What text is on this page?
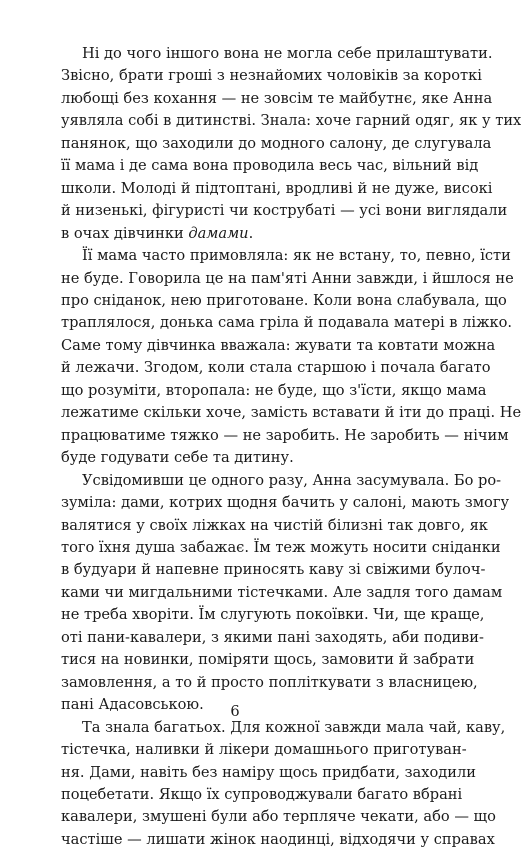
Ні до чого іншого вона не могла себе прилаштувати.
Звісно, брати гроші з незнайомих чоловіків за короткі
любощі без кохання — не зовсім те майбутнє, яке Анна
уявляла собі в дитинстві. Знала: хоче гарний одяг, як у тих
панянок, що заходили до модного салону, де слугувала
її мама і де сама вона проводила весь час, вільний від
школи. Молоді й підтоптані, вродливі й не дуже, високі
й низенькі, фігуристі чи кострубаті — усі вони виглядали
в очах дівчинки дамами.
Її мама часто примовляла: як не встану, то, певно, їсти
не буде. Говорила це на пам'яті Анни завжди, і йшлося не
про сніданок, нею приготоване. Коли вона слабувала, що
траплялося, донька сама гріла й подавала матері в ліжко.
Саме тому дівчинка вважала: жувати та ковтати можна
й лежачи. Згодом, коли стала старшою і почала багато
що розуміти, втоpопала: не буде, що з'їсти, якщо мама
лежатиме скільки хоче, замість вставати й іти до праці. Не
працюватиме тяжко — не заробить. Не заробить — нічим
буде годувати себе та дитину.
Усвідомивши це одного разу, Анна засумувала. Бо ро-
зуміла: дами, котрих щодня бачить у салоні, мають змогу
валятися у своїх ліжках на чистій білизні так довго, як
того їхня душа забажає. Їм теж можуть носити сніданки
в будуари й напевне приносять каву зі свіжими булоч-
ками чи мигдальними тістечками. Але задля того дамам
не треба хворіти. Їм слугують покоївки. Чи, ще краще,
оті пани-кавалери, з якими пані заходять, аби подиви-
тися на новинки, поміряти щось, замовити й забрати
замовлення, а то й просто поплiткувати з власницею,
пані Адасовською.
Та знала багатьох. Для кожної завжди мала чай, каву,
тістечка, наливки й лікери домашнього приготуван-
ня. Дами, навіть без наміру щось придбати, заходили
поцебетати. Якщо їх супроводжували багато вбрані
кавалери, змушені були або терпляче чекати, або — що
частіше — лишати жінок наодинці, відходячи у справах
6
